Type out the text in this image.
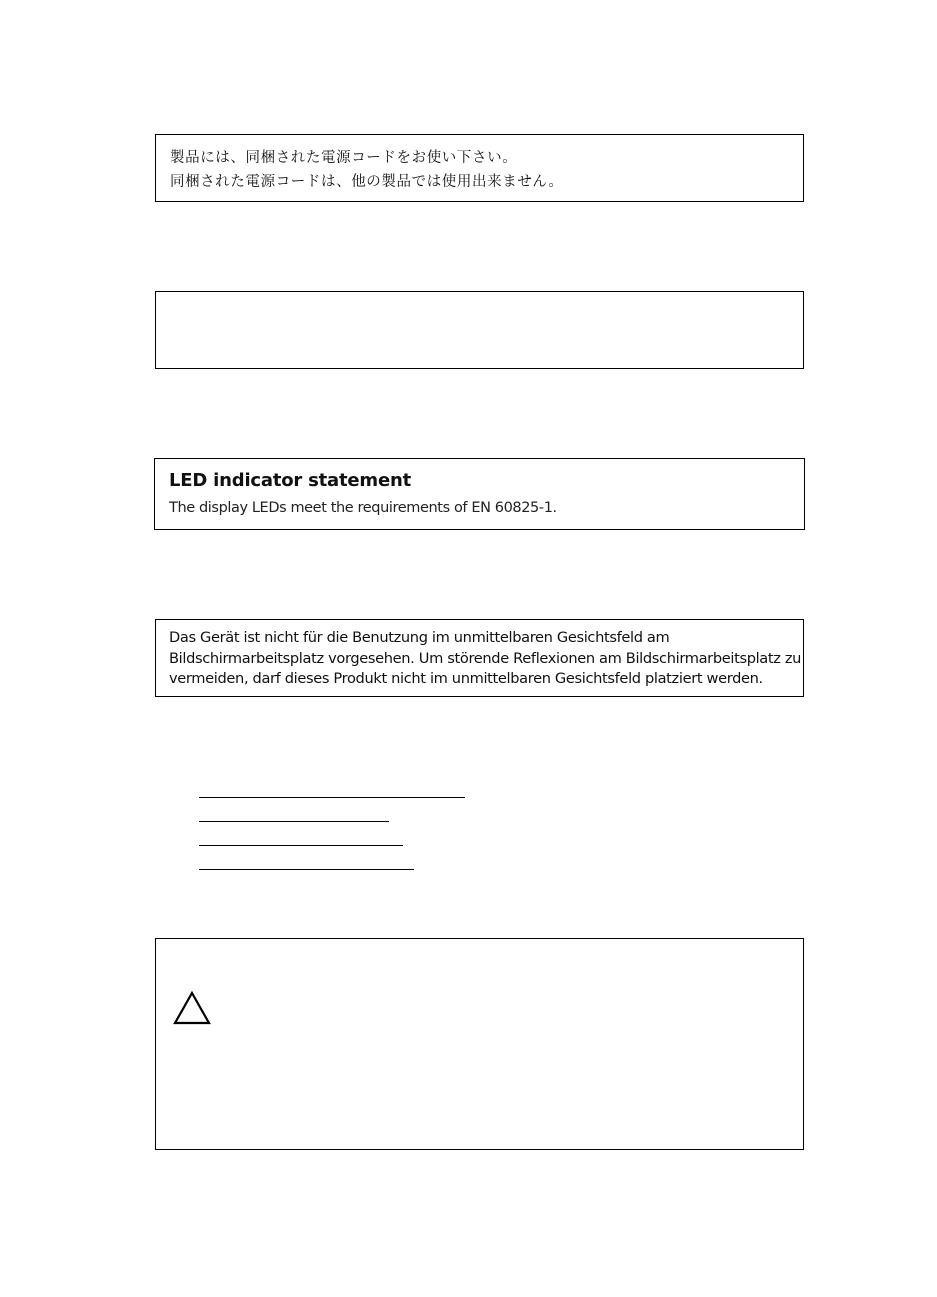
製品には、同梱された電源コードをお使い下さい。
同梱された電源コードは、他の製品では使用出来ません。
LED indicator statement
The display LEDs meet the requirements of EN 60825-1.
Das Gerät ist nicht für die Benutzung im unmittelbaren Gesichtsfeld am
Bildschirmarbeitsplatz vorgesehen. Um störende Reflexionen am Bildschirmarbeitsplatz zu
vermeiden, darf dieses Produkt nicht im unmittelbaren Gesichtsfeld platziert werden.
